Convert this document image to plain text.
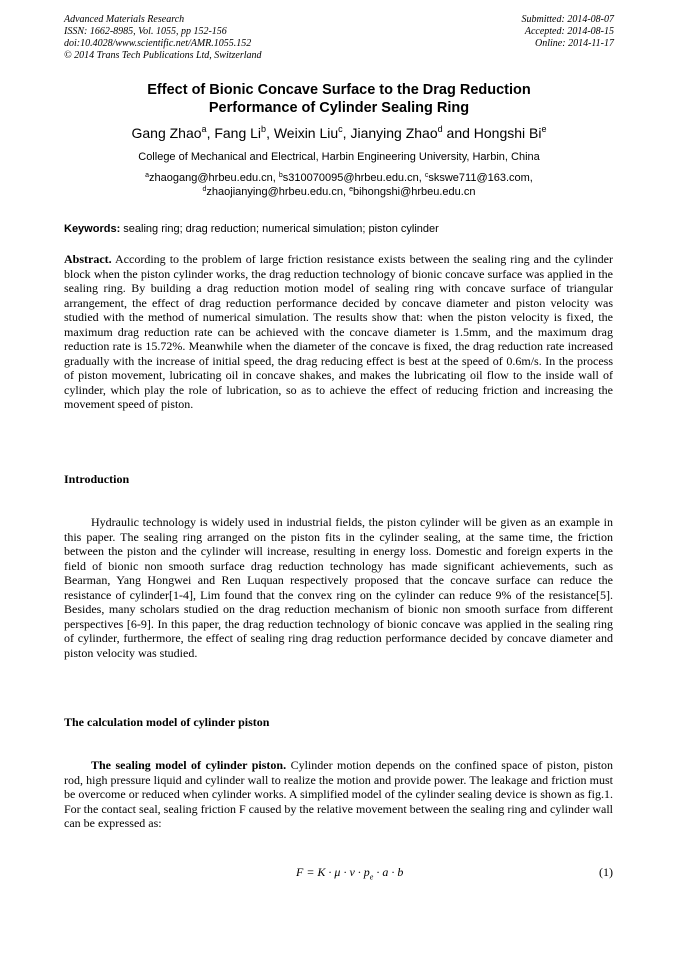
Advanced Materials Research
ISSN: 1662-8985, Vol. 1055, pp 152-156
doi:10.4028/www.scientific.net/AMR.1055.152
© 2014 Trans Tech Publications Ltd, Switzerland
Submitted: 2014-08-07
Accepted: 2014-08-15
Online: 2014-11-17
Effect of Bionic Concave Surface to the Drag Reduction
Performance of Cylinder Sealing Ring
Gang Zhao$^a$, Fang Li$^b$, Weixin Liu$^c$, Jianying Zhao$^d$ and Hongshi Bi$^e$
College of Mechanical and Electrical, Harbin Engineering University, Harbin, China
$^a$zhaogang@hrbeu.edu.cn, $^b$s310070095@hrbeu.edu.cn, $^c$skswe711@163.com,
$^d$zhaojianying@hrbeu.edu.cn, $^e$bihongshi@hrbeu.edu.cn
Keywords: sealing ring; drag reduction; numerical simulation; piston cylinder
Abstract. According to the problem of large friction resistance exists between the sealing ring and the cylinder block when the piston cylinder works, the drag reduction technology of bionic concave surface was applied in the sealing ring. By building a drag reduction motion model of sealing ring with concave surface of triangular arrangement, the effect of drag reduction performance decided by concave diameter and piston velocity was studied with the method of numerical simulation. The results show that: when the piston velocity is fixed, the maximum drag reduction rate can be achieved with the concave diameter is 1.5mm, and the maximum drag reduction rate is 15.72%. Meanwhile when the diameter of the concave is fixed, the drag reduction rate increased gradually with the increase of initial speed, the drag reducing effect is best at the speed of 0.6m/s. In the process of piston movement, lubricating oil in concave shakes, and makes the lubricating oil flow to the inside wall of cylinder, which play the role of lubrication, so as to achieve the effect of reducing friction and increasing the movement speed of piston.
Introduction
Hydraulic technology is widely used in industrial fields, the piston cylinder will be given as an example in this paper. The sealing ring arranged on the piston fits in the cylinder sealing, at the same time, the friction between the piston and the cylinder will increase, resulting in energy loss. Domestic and foreign experts in the field of bionic non smooth surface drag reduction technology has made significant achievements, such as Bearman, Yang Hongwei and Ren Luquan respectively proposed that the concave surface can reduce the resistance of cylinder[1-4], Lim found that the convex ring on the cylinder can reduce 9% of the resistance[5]. Besides, many scholars studied on the drag reduction mechanism of bionic non smooth surface from different perspectives [6-9]. In this paper, the drag reduction technology of bionic concave was applied in the sealing ring of cylinder, furthermore, the effect of sealing ring drag reduction performance decided by concave diameter and piston velocity was studied.
The calculation model of cylinder piston
The sealing model of cylinder piston. Cylinder motion depends on the confined space of piston, piston rod, high pressure liquid and cylinder wall to realize the motion and provide power. The leakage and friction must be overcome or reduced when cylinder works. A simplified model of the cylinder sealing device is shown as fig.1. For the contact seal, sealing friction F caused by the relative movement between the sealing ring and cylinder wall can be expressed as:
$F = K \cdot \mu \cdot v \cdot p_e \cdot a \cdot b$	(1)
